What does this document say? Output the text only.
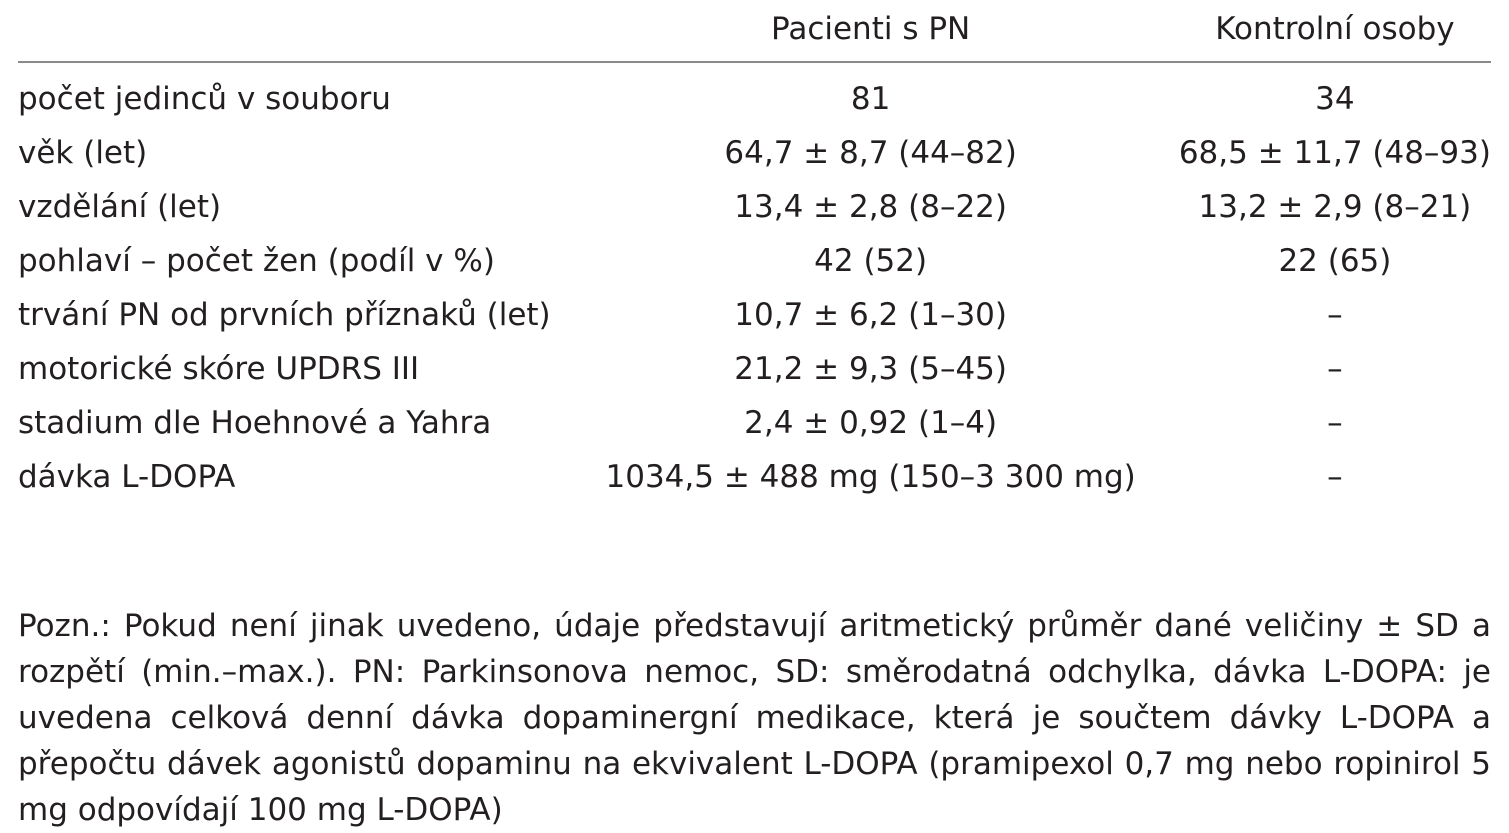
	Pacienti s PN	Kontrolní osoby
počet jedinců v souboru	81	34
věk (let)	64,7 ± 8,7 (44–82)	68,5 ± 11,7 (48–93)
vzdělání (let)	13,4 ± 2,8 (8–22)	13,2 ± 2,9 (8–21)
pohlaví – počet žen (podíl v %)	42 (52)	22 (65)
trvání PN od prvních příznaků (let)	10,7 ± 6,2 (1–30)	–
motorické skóre UPDRS III	21,2 ± 9,3 (5–45)	–
stadium dle Hoehnové a Yahra	2,4 ± 0,92 (1–4)	–
dávka L-DOPA	1034,5 ± 488 mg (150–3 300 mg)	–

Pozn.: Pokud není jinak uvedeno, údaje představují aritmetický průměr dané veličiny ± SD a rozpětí (min.–max.). PN: Parkinsonova nemoc, SD: směrodatná odchylka, dávka L-DOPA: je uvedena celková denní dávka dopaminergní medikace, která je součtem dávky L-DOPA a přepočtu dávek agonistů dopaminu na ekvivalent L-DOPA (pramipexol 0,7 mg nebo ropinirol 5 mg odpovídají 100 mg L-DOPA)
